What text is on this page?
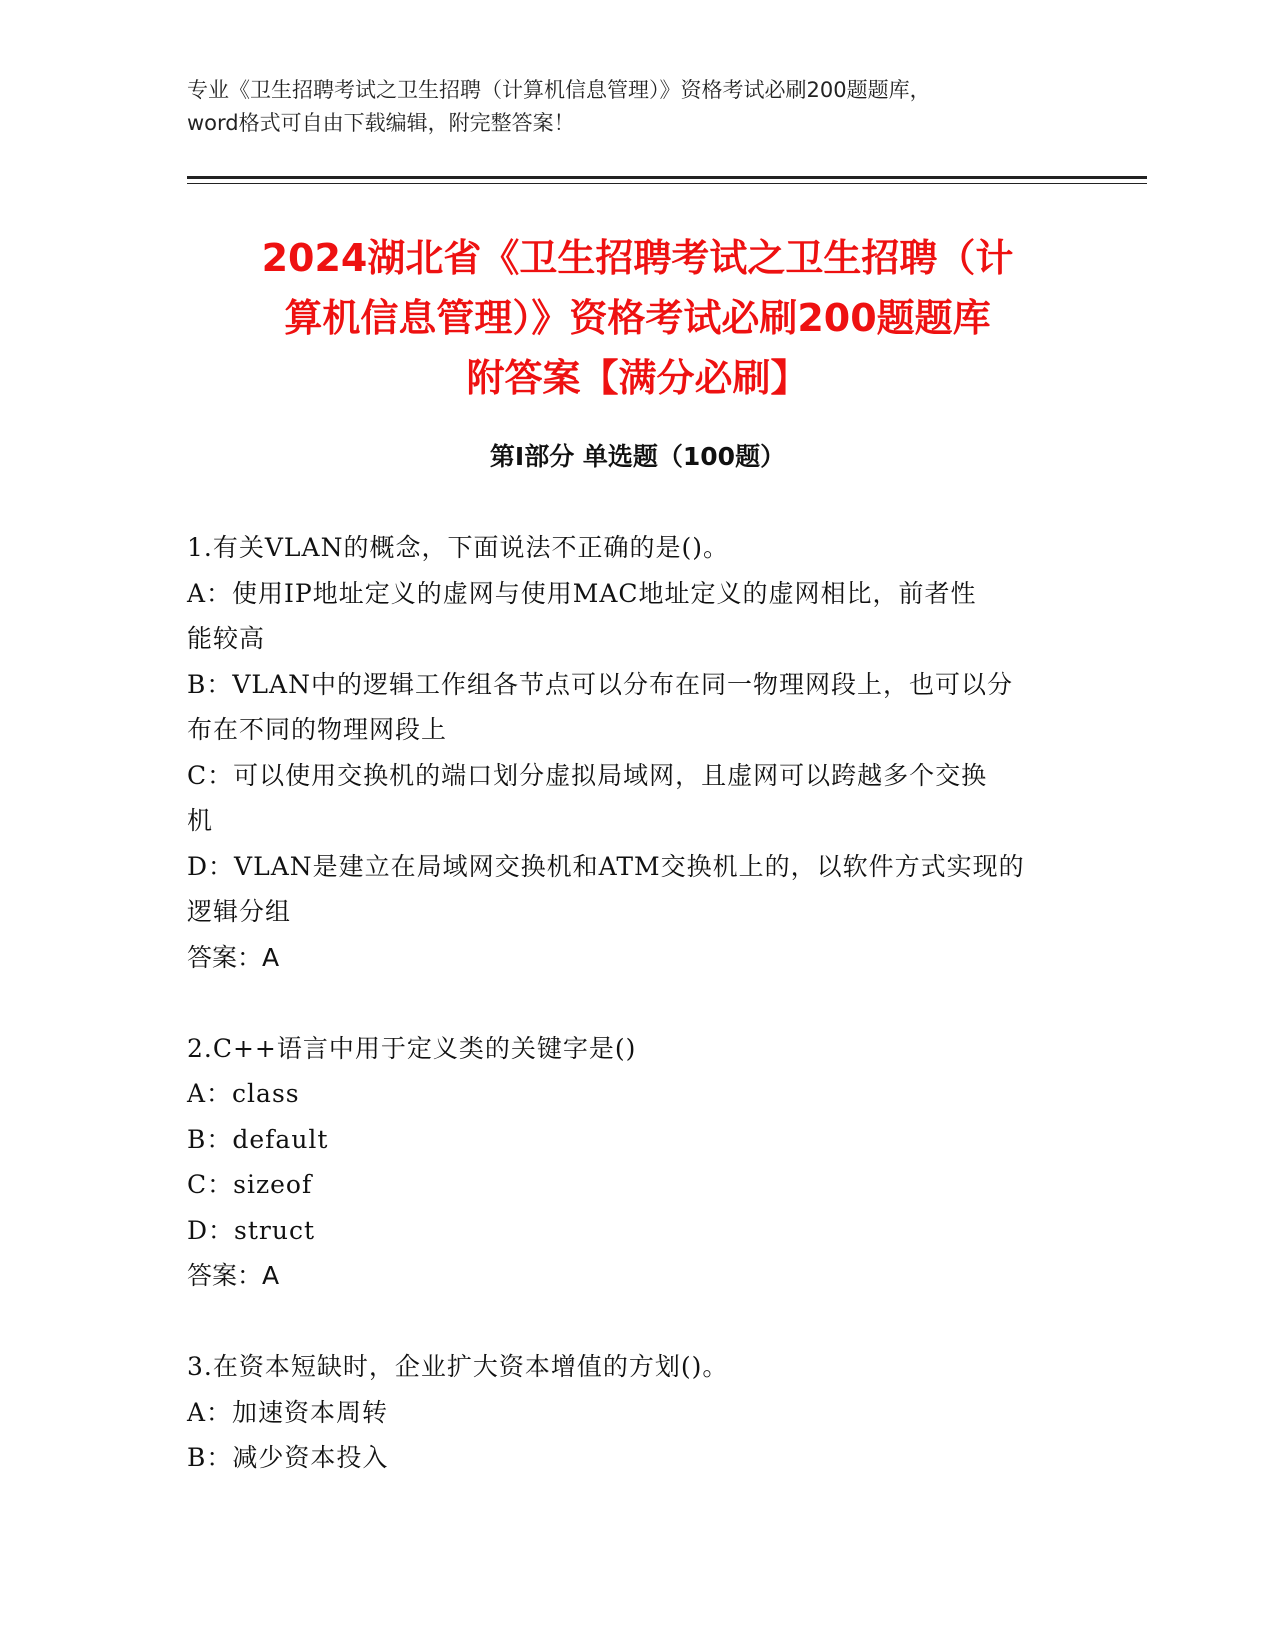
专业《卫生招聘考试之卫生招聘（计算机信息管理）》资格考试必刷200题题库，
word格式可自由下载编辑，附完整答案！
2024湖北省《卫生招聘考试之卫生招聘（计
算机信息管理）》资格考试必刷200题题库
附答案【满分必刷】
第I部分 单选题（100题）
1.有关VLAN的概念，下面说法不正确的是()。
A：使用IP地址定义的虚网与使用MAC地址定义的虚网相比，前者性
能较高
B：VLAN中的逻辑工作组各节点可以分布在同一物理网段上，也可以分
布在不同的物理网段上
C：可以使用交换机的端口划分虚拟局域网，且虚网可以跨越多个交换
机
D：VLAN是建立在局域网交换机和ATM交换机上的，以软件方式实现的
逻辑分组
答案：A
2.C++语言中用于定义类的关键字是()
A：class
B：default
C：sizeof
D：struct
答案：A
3.在资本短缺时，企业扩大资本增值的方划()。
A：加速资本周转
B：减少资本投入
